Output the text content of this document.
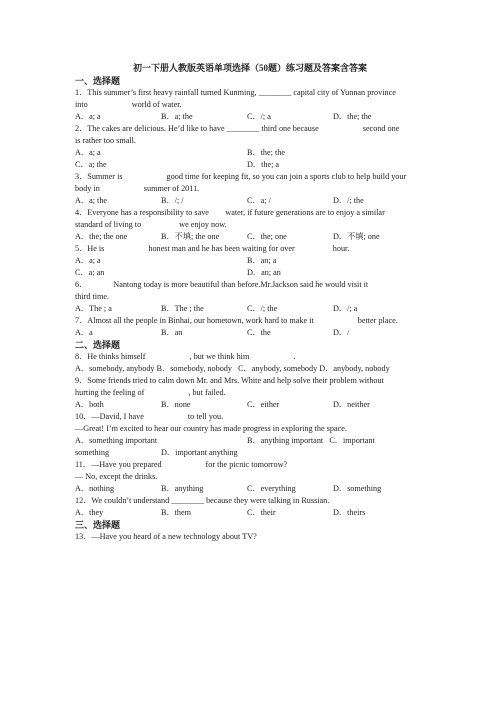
初一下册人教版英语单项选择（50题）练习题及答案含答案
一、选择题

1．This summer’s first heavy rainfall turned Kunming, ________ capital city of Yunnan province

into	world of water.

A．a; a	B．a; the	C．/; a	D．the; the

2．The cakes are delicious. He’d like to have ________ third one because	second one

is rather too small.

A．a; a	B．the; the
C．a; the	D．the; a

3．Summer is	good time for keeping fit, so you can join a sports club to help build your

body in	summer of 2011.

A．a; the	B．/; /	C．a; /	D．/; the

4．Everyone has a responsibility to save        water, if future generations are to enjoy a similar

standard of living to	we enjoy now.

A．the; the one	B．不填; the one	C．the; one	D．不填; one

5．He is	honest man and he has been waiting for over	hour.

A．a; a	B．an; a
C．a; an	D．an; an

6．	Nantong today is more beautiful than before.Mr.Jackson said he would visit it

third time.

A．The ; a	B．The ; the	C．/; the	D．/; a

7．Almost all the people in Binhai, our hometown, work hard to make it	better place.

A．a	B．an	C．the	D．/
二、选择题

8．He thinks himself	, but we think him	.

A．somebody, anybody B．somebody, nobody   C．anybody, somebody D．anybody, nobody

9．Some friends tried to calm down Mr. and Mrs. White and help solve their problem without

hurting the feeling of	, but failed.

A．both	B．none	C．either	D．neither

10．—David, I have	to tell you.

—Great! I’m excited to hear our country has made progress in exploring the space.

A．something important	B．anything important   C．important
something	D．important anything

11．—Have you prepared	for the picnic tomorrow?

— No, except the drinks.

A．nothing	B．anything	C．everything	D．something

12．We couldn’t understand ________ because they were talking in Russian.

A．they	B．them	C．their	D．theirs
三、选择题

13．—Have you heard of a new technology about TV?
